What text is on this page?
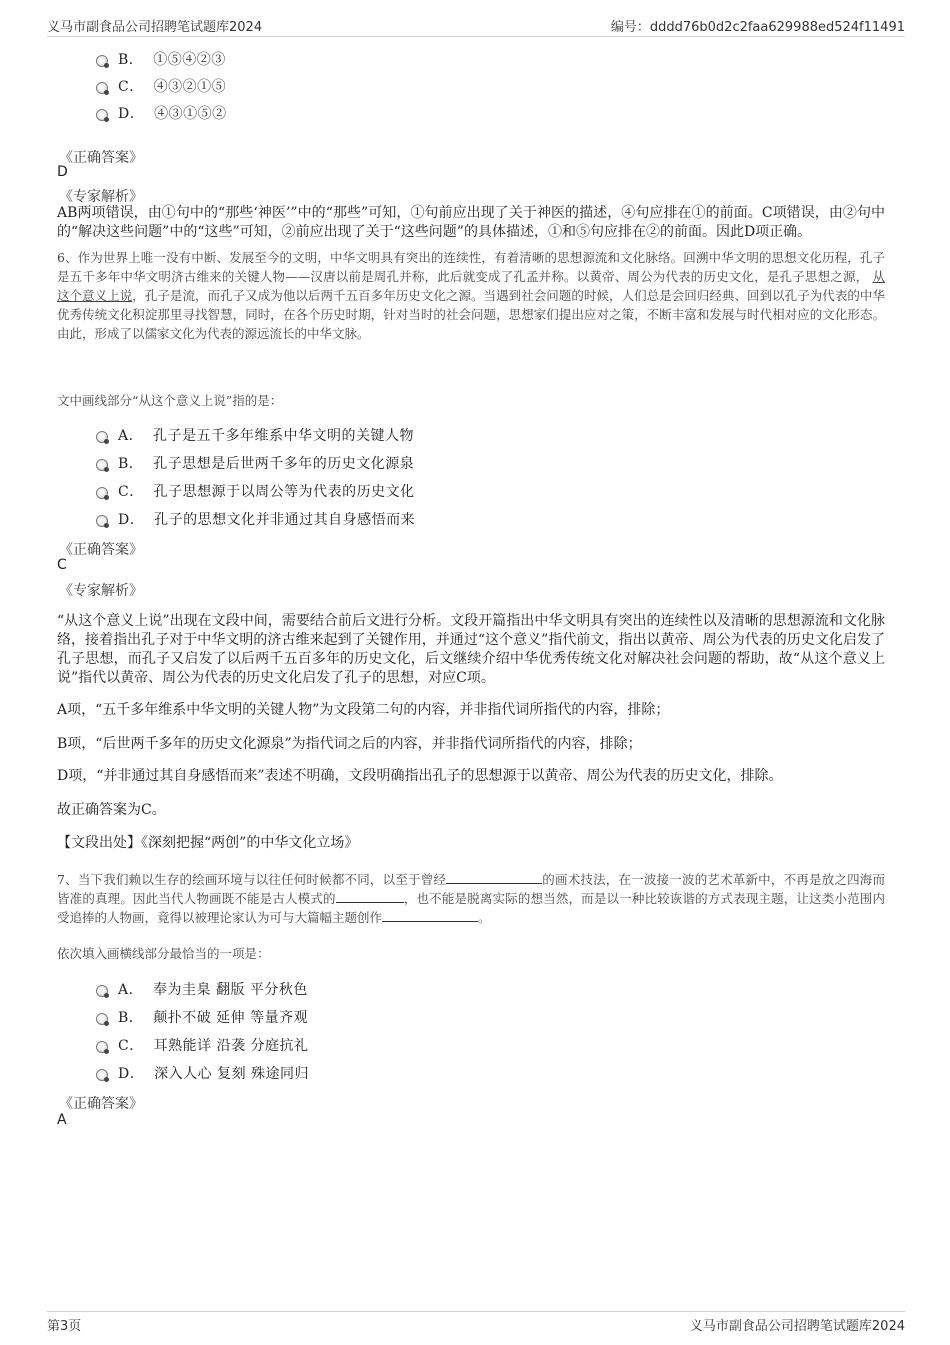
义马市副食品公司招聘笔试题库2024	编号：dddd76b0d2c2faa629988ed524f11491
B． ①⑤④②③
C． ④③②①⑤
D． ④③①⑤②
《正确答案》
D
《专家解析》
AB两项错误，由①句中的“那些‘神医’”中的“那些”可知，①句前应出现了关于神医的描述，④句应排在①的前面。C项错误，由②句中的“解决这些问题”中的“这些”可知，②前应出现了关于“这些问题”的具体描述，①和⑤句应排在②的前面。因此D项正确。
6、作为世界上唯一没有中断、发展至今的文明，中华文明具有突出的连续性，有着清晰的思想源流和文化脉络。回溯中华文明的思想文化历程，孔子是五千多年中华文明济古维来的关键人物——汉唐以前是周孔并称，此后就变成了孔孟并称。以黄帝、周公为代表的历史文化，是孔子思想之源， 从这个意义上说，孔子是流，而孔子又成为他以后两千五百多年历史文化之源。当遇到社会问题的时候，人们总是会回归经典、回到以孔子为代表的中华优秀传统文化积淀那里寻找智慧，同时，在各个历史时期，针对当时的社会问题，思想家们提出应对之策，不断丰富和发展与时代相对应的文化形态。由此，形成了以儒家文化为代表的源远流长的中华文脉。
文中画线部分“从这个意义上说”指的是：
A． 孔子是五千多年维系中华文明的关键人物
B． 孔子思想是后世两千多年的历史文化源泉
C． 孔子思想源于以周公等为代表的历史文化
D． 孔子的思想文化并非通过其自身感悟而来
《正确答案》
C
《专家解析》
“从这个意义上说”出现在文段中间，需要结合前后文进行分析。文段开篇指出中华文明具有突出的连续性以及清晰的思想源流和文化脉络，接着指出孔子对于中华文明的济古维来起到了关键作用，并通过“这个意义”指代前文，指出以黄帝、周公为代表的历史文化启发了孔子思想，而孔子又启发了以后两千五百多年的历史文化，后文继续介绍中华优秀传统文化对解决社会问题的帮助，故“从这个意义上说”指代以黄帝、周公为代表的历史文化启发了孔子的思想，对应C项。
A项，“五千多年维系中华文明的关键人物”为文段第二句的内容，并非指代词所指代的内容，排除；
B项，“后世两千多年的历史文化源泉”为指代词之后的内容，并非指代词所指代的内容，排除；
D项，“并非通过其自身感悟而来”表述不明确，文段明确指出孔子的思想源于以黄帝、周公为代表的历史文化，排除。
故正确答案为C。
【文段出处】《深刻把握“两创”的中华文化立场》
7、当下我们赖以生存的绘画环境与以往任何时候都不同，以至于曾经	的画术技法，在一波接一波的艺术革新中，不再是放之四海而皆准的真理。因此当代人物画既不能是古人模式的	，也不能是脱离实际的想当然，而是以一种比较诙谐的方式表现主题，让这类小范围内受追捧的人物画，竟得以被理论家认为可与大篇幅主题创作	。
依次填入画横线部分最恰当的一项是：
A． 奉为圭臬 翻版 平分秋色
B． 颠扑不破 延伸 等量齐观
C． 耳熟能详 沿袭 分庭抗礼
D． 深入人心 复刻 殊途同归
《正确答案》
A
第3页	义马市副食品公司招聘笔试题库2024
